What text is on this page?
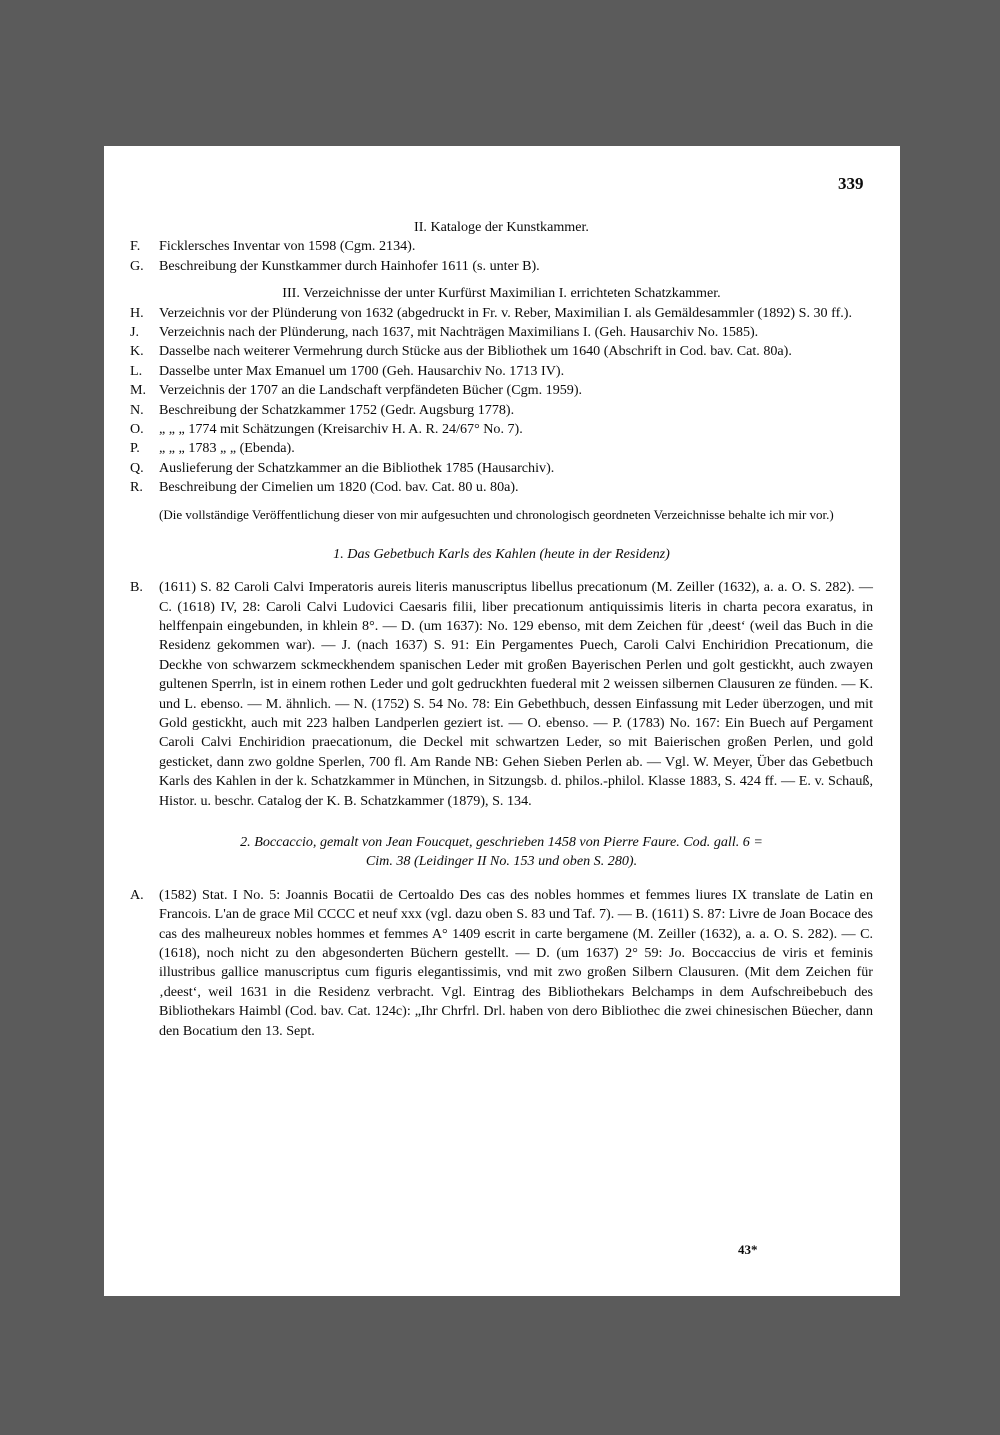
339

II. Kataloge der Kunstkammer.

F. Ficklersches Inventar von 1598 (Cgm. 2134).

G. Beschreibung der Kunstkammer durch Hainhofer 1611 (s. unter B).

III. Verzeichnisse der unter Kurfürst Maximilian I. errichteten Schatzkammer.

H. Verzeichnis vor der Plünderung von 1632 (abgedruckt in Fr. v. Reber, Maximilian I. als Gemäldesammler (1892) S. 30 ff.).

J. Verzeichnis nach der Plünderung, nach 1637, mit Nachträgen Maximilians I. (Geh. Hausarchiv No. 1585).

K. Dasselbe nach weiterer Vermehrung durch Stücke aus der Bibliothek um 1640 (Abschrift in Cod. bav. Cat. 80a).

L. Dasselbe unter Max Emanuel um 1700 (Geh. Hausarchiv No. 1713 IV).

M. Verzeichnis der 1707 an die Landschaft verpfändeten Bücher (Cgm. 1959).

N. Beschreibung der Schatzkammer 1752 (Gedr. Augsburg 1778).

O. „ „ „ 1774 mit Schätzungen (Kreisarchiv H. A. R. 24/67° No. 7).

P. „ „ „ 1783 „ „ (Ebenda).

Q. Auslieferung der Schatzkammer an die Bibliothek 1785 (Hausarchiv).

R. Beschreibung der Cimelien um 1820 (Cod. bav. Cat. 80 u. 80a).

(Die vollständige Veröffentlichung dieser von mir aufgesuchten und chronologisch geordneten Verzeichnisse behalte ich mir vor.)

1. Das Gebetbuch Karls des Kahlen (heute in der Residenz)

B. (1611) S. 82 Caroli Calvi Imperatoris aureis literis manuscriptus libellus precationum (M. Zeiller (1632), a. a. O. S. 282). — C. (1618) IV, 28: Caroli Calvi Ludovici Caesaris filii, liber precationum antiquissimis literis in charta pecora exaratus, in helffenpain eingebunden, in khlein 8°. — D. (um 1637): No. 129 ebenso, mit dem Zeichen für ‚deest‘ (weil das Buch in die Residenz gekommen war). — J. (nach 1637) S. 91: Ein Pergamentes Puech, Caroli Calvi Enchiridion Precationum, die Deckhe von schwarzem sckmeckhendem spanischen Leder mit großen Bayerischen Perlen und golt gestickht, auch zwayen gultenen Sperrln, ist in einem rothen Leder und golt gedruckhten fuederal mit 2 weissen silbernen Clausuren ze fünden. — K. und L. ebenso. — M. ähnlich. — N. (1752) S. 54 No. 78: Ein Gebethbuch, dessen Einfassung mit Leder überzogen, und mit Gold gestickht, auch mit 223 halben Landperlen geziert ist. — O. ebenso. — P. (1783) No. 167: Ein Buech auf Pergament Caroli Calvi Enchiridion praecationum, die Deckel mit schwartzen Leder, so mit Baierischen großen Perlen, und gold gesticket, dann zwo goldne Sperlen, 700 fl. Am Rande NB: Gehen Sieben Perlen ab. — Vgl. W. Meyer, Über das Gebetbuch Karls des Kahlen in der k. Schatzkammer in München, in Sitzungsb. d. philos.-philol. Klasse 1883, S. 424 ff. — E. v. Schauß, Histor. u. beschr. Catalog der K. B. Schatzkammer (1879), S. 134.

2. Boccaccio, gemalt von Jean Foucquet, geschrieben 1458 von Pierre Faure. Cod. gall. 6 =

Cim. 38 (Leidinger II No. 153 und oben S. 280).

A. (1582) Stat. I No. 5: Joannis Bocatii de Certoaldo Des cas des nobles hommes et femmes liures IX translate de Latin en Francois. L'an de grace Mil CCCC et neuf xxx (vgl. dazu oben S. 83 und Taf. 7). — B. (1611) S. 87: Livre de Joan Bocace des cas des malheureux nobles hommes et femmes A° 1409 escrit in carte bergamene (M. Zeiller (1632), a. a. O. S. 282). — C. (1618), noch nicht zu den abgesonderten Büchern gestellt. — D. (um 1637) 2° 59: Jo. Boccaccius de viris et feminis illustribus gallice manuscriptus cum figuris elegantissimis, vnd mit zwo großen Silbern Clausuren. (Mit dem Zeichen für ‚deest‘, weil 1631 in die Residenz verbracht. Vgl. Eintrag des Bibliothekars Belchamps in dem Aufschreibebuch des Bibliothekars Haimbl (Cod. bav. Cat. 124c): „Ihr Chrfrl. Drl. haben von dero Bibliothec die zwei chinesischen Büecher, dann den Bocatium den 13. Sept.

43*
